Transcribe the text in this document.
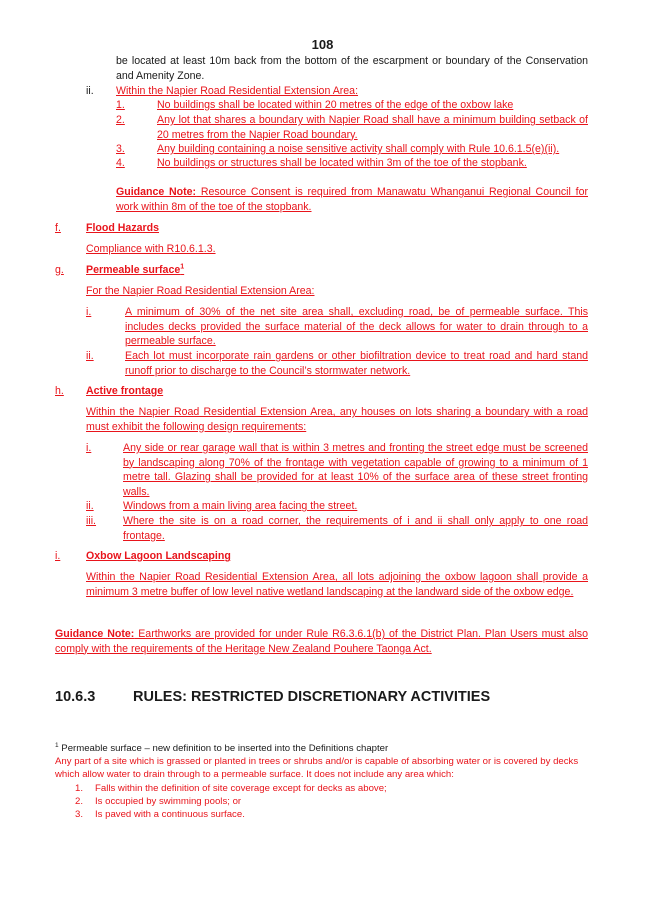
108
be located at least 10m back from the bottom of the escarpment or boundary of the Conservation and Amenity Zone.
ii. Within the Napier Road Residential Extension Area:
1.	No buildings shall be located within 20 metres of the edge of the oxbow lake
2.	Any lot that shares a boundary with Napier Road shall have a minimum building setback of 20 metres from the Napier Road boundary.
3.	Any building containing a noise sensitive activity shall comply with Rule 10.6.1.5(e)(ii).
4.	No buildings or structures shall be located within 3m of the toe of the stopbank.
Guidance Note: Resource Consent is required from Manawatu Whanganui Regional Council for work within 8m of the toe of the stopbank.
f. Flood Hazards
Compliance with R10.6.1.3.
g. Permeable surface$^1$
For the Napier Road Residential Extension Area:
i.	A minimum of 30% of the net site area shall, excluding road, be of permeable surface. This includes decks provided the surface material of the deck allows for water to drain through to a permeable surface.
ii.	Each lot must incorporate rain gardens or other biofiltration device to treat road and hard stand runoff prior to discharge to the Council’s stormwater network.
h. Active frontage
Within the Napier Road Residential Extension Area, any houses on lots sharing a boundary with a road must exhibit the following design requirements:
i.	Any side or rear garage wall that is within 3 metres and fronting the street edge must be screened by landscaping along 70% of the frontage with vegetation capable of growing to a minimum of 1 metre tall. Glazing shall be provided for at least 10% of the surface area of these street fronting walls.
ii.	Windows from a main living area facing the street.
iii.	Where the site is on a road corner, the requirements of i and ii shall only apply to one road frontage.
i. Oxbow Lagoon Landscaping
Within the Napier Road Residential Extension Area, all lots adjoining the oxbow lagoon shall provide a minimum 3 metre buffer of low level native wetland landscaping at the landward side of the oxbow edge.
Guidance Note: Earthworks are provided for under Rule R6.3.6.1(b) of the District Plan. Plan Users must also comply with the requirements of the Heritage New Zealand Pouhere Taonga Act.
10.6.3	RULES: RESTRICTED DISCRETIONARY ACTIVITIES
$^1$ Permeable surface – new definition to be inserted into the Definitions chapter
Any part of a site which is grassed or planted in trees or shrubs and/or is capable of absorbing water or is covered by decks which allow water to drain through to a permeable surface. It does not include any area which:
1. Falls within the definition of site coverage except for decks as above;
2. Is occupied by swimming pools; or
3. Is paved with a continuous surface.
